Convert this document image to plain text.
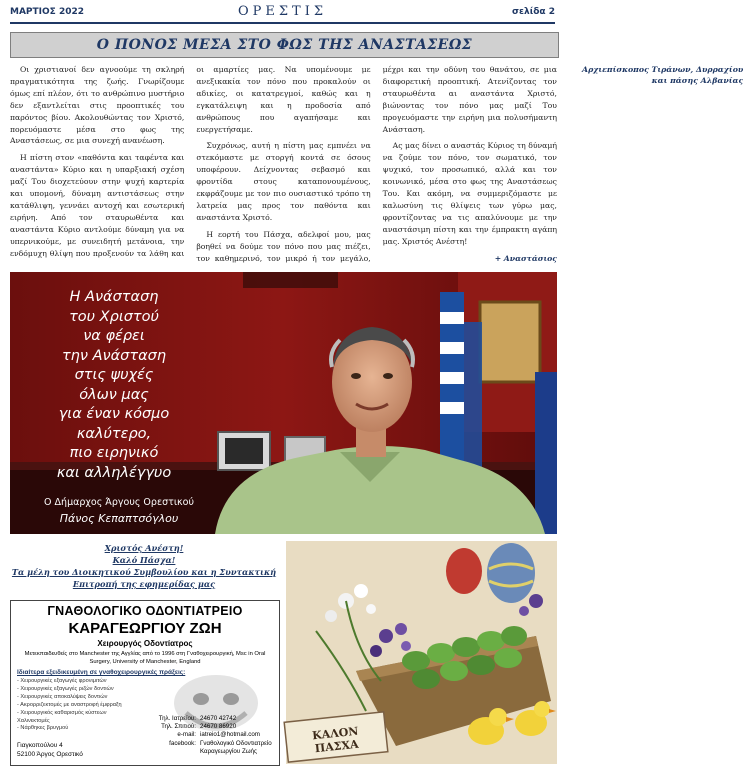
ΜΑΡΤΙΟΣ 2022	ΟΡΕΣΤΙΣ	σελίδα 2
Ο ΠΟΝΟΣ ΜΕΣΑ ΣΤΟ ΦΩΣ ΤΗΣ ΑΝΑΣΤΑΣΕΩΣ

Οι χριστιανοί δεν αγνοούμε τη σκληρή πραγματικότητα της ζωής. Γνωρίζουμε όμως επί πλέον, ότι το ανθρώπινο μυστήριο δεν εξαντλείται στις προοπτικές του παρόντος βίου. Ακολουθώντας τον Χριστό, πορευόμαστε μέσα στο φως της Αναστάσεως, σε μια συνεχή ανανέωση.

Η πίστη στον «παθόντα και ταφέντα και αναστάντα» Κύριο και η υπαρξιακή σχέση μαζί Του διοχετεύουν στην ψυχή καρτερία και υπομονή, δύναμη αντιστάσεως στην κατάθλιψη, γεννάει αντοχή και εσωτερική ειρήνη. Από τον σταυρωθέντα και αναστάντα Κύριο αντλούμε δύναμη για να υπερνικούμε, με συνειδητή μετάνοια, την ενδόμυχη θλίψη που προξενούν τα λάθη και οι αμαρτίες μας. Να υπομένουμε με ανεξικακία τον πόνο που προκαλούν οι αδικίες, οι κατατρεγμοί, καθώς και η εγκατάλειψη και η προδοσία από ανθρώπους που αγαπήσαμε και ευεργετήσαμε.

Συχρόνως, αυτή η πίστη μας εμπνέει να στεκόμαστε με στοργή κοντά σε όσους υποφέρουν. Δείχνοντας σεβασμό και φροντίδα στους καταπονουμένους, εκφράζουμε με τον πιο ουσιαστικό τρόπο τη λατρεία μας προς τον παθόντα και αναστάντα Χριστό.

Η εορτή του Πάσχα, αδελφοί μου, μας βοηθεί να δούμε τον πόνο που μας πιέζει, τον καθημερινό, τον μικρό ή τον μεγάλο, μέχρι και την οδύνη του θανάτου, σε μια διαφορετική προοπτική. Ατενίζοντας τον σταυρωθέντα αι αναστάντα Χριστό, βιώνοντας τον πόνο μας μαζί Του προγευόμαστε την ειρήνη μια πολυσήμαντη Ανάσταση.

Ας μας δίνει ο αναστάς Κύριος τη δύναμή να ζούμε τον πόνο, τον σωματικό, τον ψυχικό, τον προσωπικό, αλλά και τον κοινωνικό, μέσα στο φως της Αναστάσεως Του. Και ακόμη, να συμμεριζόμαστε με καλωσύνη τις θλίψεις των γύρω μας, φροντίζοντας να τις απαλύνουμε με την αναστάσιμη πίστη και την έμπρακτη αγάπη μας. Χριστός Ανέστη!

+ Αναστάσιος

Αρχιεπίσκοπος Τιράνων, Δυρραχίου και πάσης Αλβανίας

Η Ανάσταση
του Χριστού
να φέρει
την Ανάσταση
στις ψυχές
όλων μας
για έναν κόσμο
καλύτερο,
πιο ειρηνικό
και αλληλέγγυο
Ο Δήμαρχος Άργους Ορεστικού
Πάνος Κεπαπτσόγλου
Χριστός Ανέστη!
Καλό Πάσχα!
Τα μέλη του Διοικητικού Συμβουλίου και η Συντακτική Επιτροπή της εφημερίδας μας
ΓΝΑΘΟΛΟΓΙΚΟ ΟΔΟΝΤΙΑΤΡΕΙΟ
ΚΑΡΑΓΕΩΡΓΙΟΥ ΖΩΗ
Χειρουργός Οδοντίατρος
Μετεκπαιδευθείς στο Manchester της Αγγλίας από το 1996 στη Γναθοχειρουργική, Msc in Oral Surgery, University of Manchester, England
Ιδιαίτερα εξειδικευμένη σε γναθοχειρουργικές πράξεις:
- Χειρουργικές εξαγωγές φρονιμιτών
- Χειρουργικές εξαγωγές ριζών δοντιών
- Χειρουργικές αποκαλύψεις δοντιών
- Ακρορριζεκτομές με αναστροφή έμφραξη
- Χειρουργικός καθαρισμός κύστεων
Χαλινεκτομές
- Νάρθηκες βρυγμού
Γιαγκοπούλου 4
52100 Άργος Ορεστικό
Τηλ. Ιατρείου: 24670 42742
Τηλ. Σπιτιού: 24670 86920
e-mail: iatreio1@hotmail.com
facebook: Γναθολογικό Οδοντιατρείο Καραγεωργίου Ζωής
ΚΑΛΟΝ
ΠΑΣΧΑ
